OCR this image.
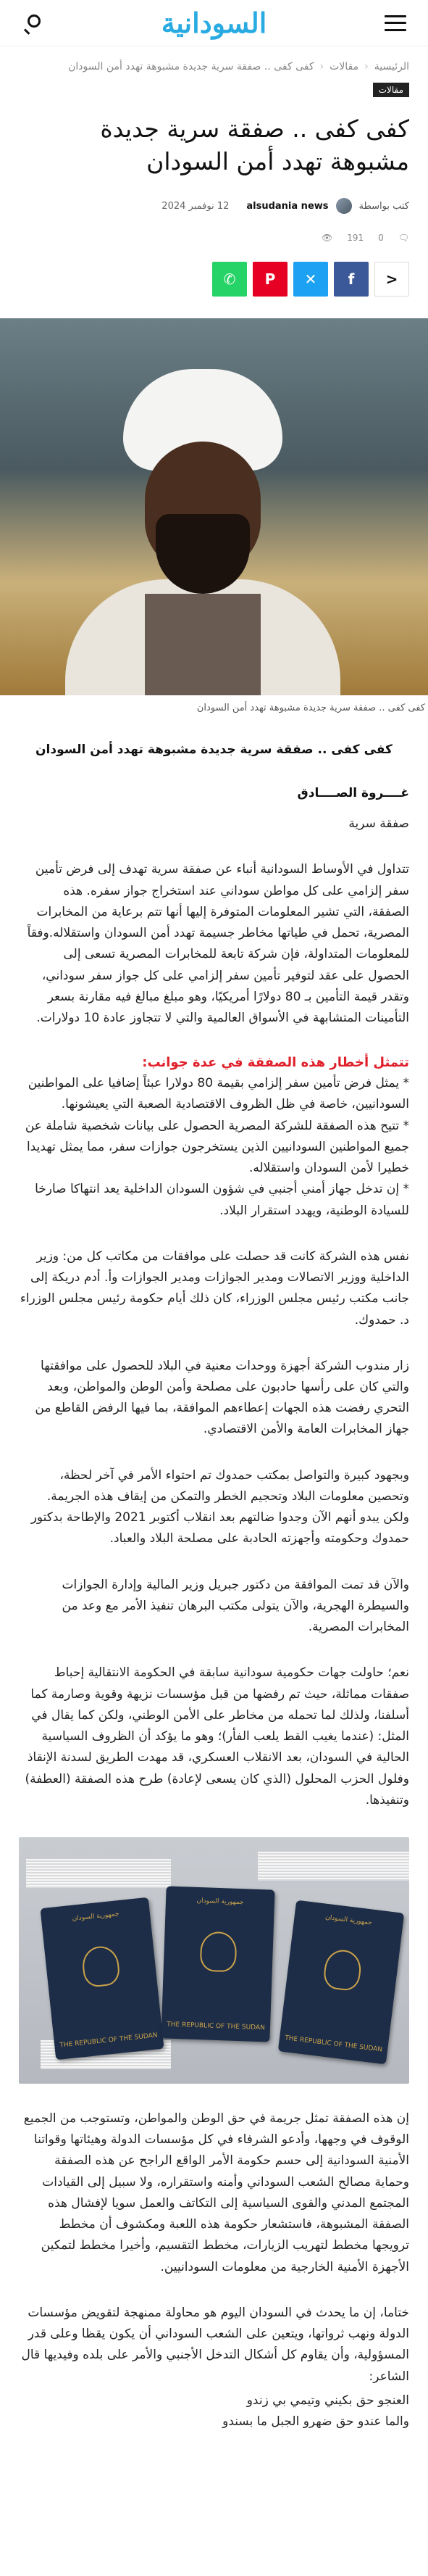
السودانية
الرئيسية
‹
مقالات
‹
كفى كفى .. صفقة سرية جديدة مشبوهة تهدد أمن السودان
مقالات
كفى كفى .. صفقة سرية جديدة مشبوهة تهدد أمن السودان
كتب بواسطة
alsudania news
12 نوفمبر 2024
🗨
0
191
👁
<
f
✕
P
✆
كفى كفى .. صفقة سرية جديدة مشبوهة تهدد أمن السودان
كفى كفى .. صفقة سرية جديدة مشبوهة تهدد أمن السودان
غــــروة الصــــادق

صفقة سرية

تتداول في الأوساط السودانية أنباء عن صفقة سرية تهدف إلى فرض تأمين سفر إلزامي على كل مواطن سوداني عند استخراج جواز سفره. هذه الصفقة، التي تشير المعلومات المتوفرة إليها أنها تتم برعاية من المخابرات المصرية، تحمل في طياتها مخاطر جسيمة تهدد أمن السودان واستقلاله.وفقاً للمعلومات المتداولة، فإن شركة تابعة للمخابرات المصرية تسعى إلى الحصول على عقد لتوفير تأمين سفر إلزامي على كل جواز سفر سوداني، وتقدر قيمة التأمين بـ 80 دولارًا أمريكيًا، وهو مبلغ مبالغ فيه مقارنة بسعر التأمينات المتشابهة في الأسواق العالمية والتي لا تتجاوز عادة 10 دولارات.

تتمثل أخطار هذه الصفقة في عدة جوانب:

* يمثل فرض تأمين سفر إلزامي بقيمة 80 دولارا عبئاً إضافيا على المواطنين السودانيين، خاصة في ظل الظروف الاقتصادية الصعبة التي يعيشونها.

* تتيح هذه الصفقة للشركة المصرية الحصول على بيانات شخصية شاملة عن جميع المواطنين السودانيين الذين يستخرجون جوازات سفر، مما يمثل تهديدا خطيرا لأمن السودان واستقلاله.

* إن تدخل جهاز أمني أجنبي في شؤون السودان الداخلية يعد انتهاكا صارخا للسيادة الوطنية، ويهدد استقرار البلاد.

نفس هذه الشركة كانت قد حصلت على موافقات من مكاتب كل من: وزير الداخلية ووزير الاتصالات ومدير الجوازات ومدير الجوازات وأ. أدم دريكة إلى جانب مكتب رئيس مجلس الوزراء، كان ذلك أيام حكومة رئيس مجلس الوزراء د. حمدوك.

زار مندوب الشركة أجهزة ووحدات معنية في البلاد للحصول على موافقتها والتي كان على رأسها حادبون على مصلحة وأمن الوطن والمواطن، وبعد التحري رفضت هذه الجهات إعطاءهم الموافقة، بما فيها الرفض القاطع من جهاز المخابرات العامة والأمن الاقتصادي.

وبجهود كبيرة والتواصل بمكتب حمدوك تم احتواء الأمر في آخر لحظة، وتحصين معلومات البلاد وتحجيم الخطر والتمكن من إيقاف هذه الجريمة. ولكن يبدو أنهم الآن وجدوا ضالتهم بعد انقلاب أكتوبر 2021 والإطاحة بدكتور حمدوك وحكومته وأجهزته الحادبة على مصلحة البلاد والعباد.

والآن قد تمت الموافقة من دكتور جبريل وزير المالية وإدارة الجوازات والسيطرة الهجرية، والآن يتولى مكتب البرهان تنفيذ الأمر مع وعد من المخابرات المصرية.

نعم؛ حاولت جهات حكومية سودانية سابقة في الحكومة الانتقالية إحباط صفقات مماثلة، حيث تم رفضها من قبل مؤسسات نزيهة وقوية وصارمة كما أسلفنا، ولذلك لما تحمله من مخاطر على الأمن الوطني، ولكن كما يقال في المثل: (عندما يغيب القط يلعب الفأر)؛ وهو ما يؤكد أن الظروف السياسية الحالية في السودان، بعد الانقلاب العسكري، قد مهدت الطريق لسدنة الإنقاذ وفلول الحزب المحلول (الذي كان يسعى لإعادة) طرح هذه الصفقة (العطفة) وتنفيذها.

جمهورية السودان
THE REPUBLIC OF THE SUDAN
جمهورية السودان
THE REPUBLIC OF THE SUDAN
جمهورية السودان
THE REPUBLIC OF THE SUDAN

إن هذه الصفقة تمثل جريمة في حق الوطن والمواطن، وتستوجب من الجميع الوقوف في وجهها، وأدعو الشرفاء في كل مؤسسات الدولة وهيئاتها وقواتنا الأمنية السودانية إلى حسم حكومة الأمر الواقع الراجح عن هذه الصفقة وحماية مصالح الشعب السوداني وأمنه واستقراره، ولا سبيل إلى القيادات المجتمع المدني والقوى السياسية إلى التكاتف والعمل سويا لإفشال هذه الصفقة المشبوهة، فاستشعار حكومة هذه اللعبة ومكشوف أن مخطط ترويجها مخطط لتهريب الزيارات، مخطط التقسيم، وأخيرا مخطط لتمكين الأجهزة الأمنية الخارجية من معلومات السودانيين.

ختاما، إن ما يحدث في السودان اليوم هو محاولة ممنهجة لتقويض مؤسسات الدولة ونهب ثرواتها، ويتعين على الشعب السوداني أن يكون يقظا وعلى قدر المسؤولية، وأن يقاوم كل أشكال التدخل الأجنبي والأمر على بلده وفيديها قال الشاعر:

العنجو حق بكيني وتيمي بي زندو
والما عندو حق ضهرو الجبل ما بسندو
